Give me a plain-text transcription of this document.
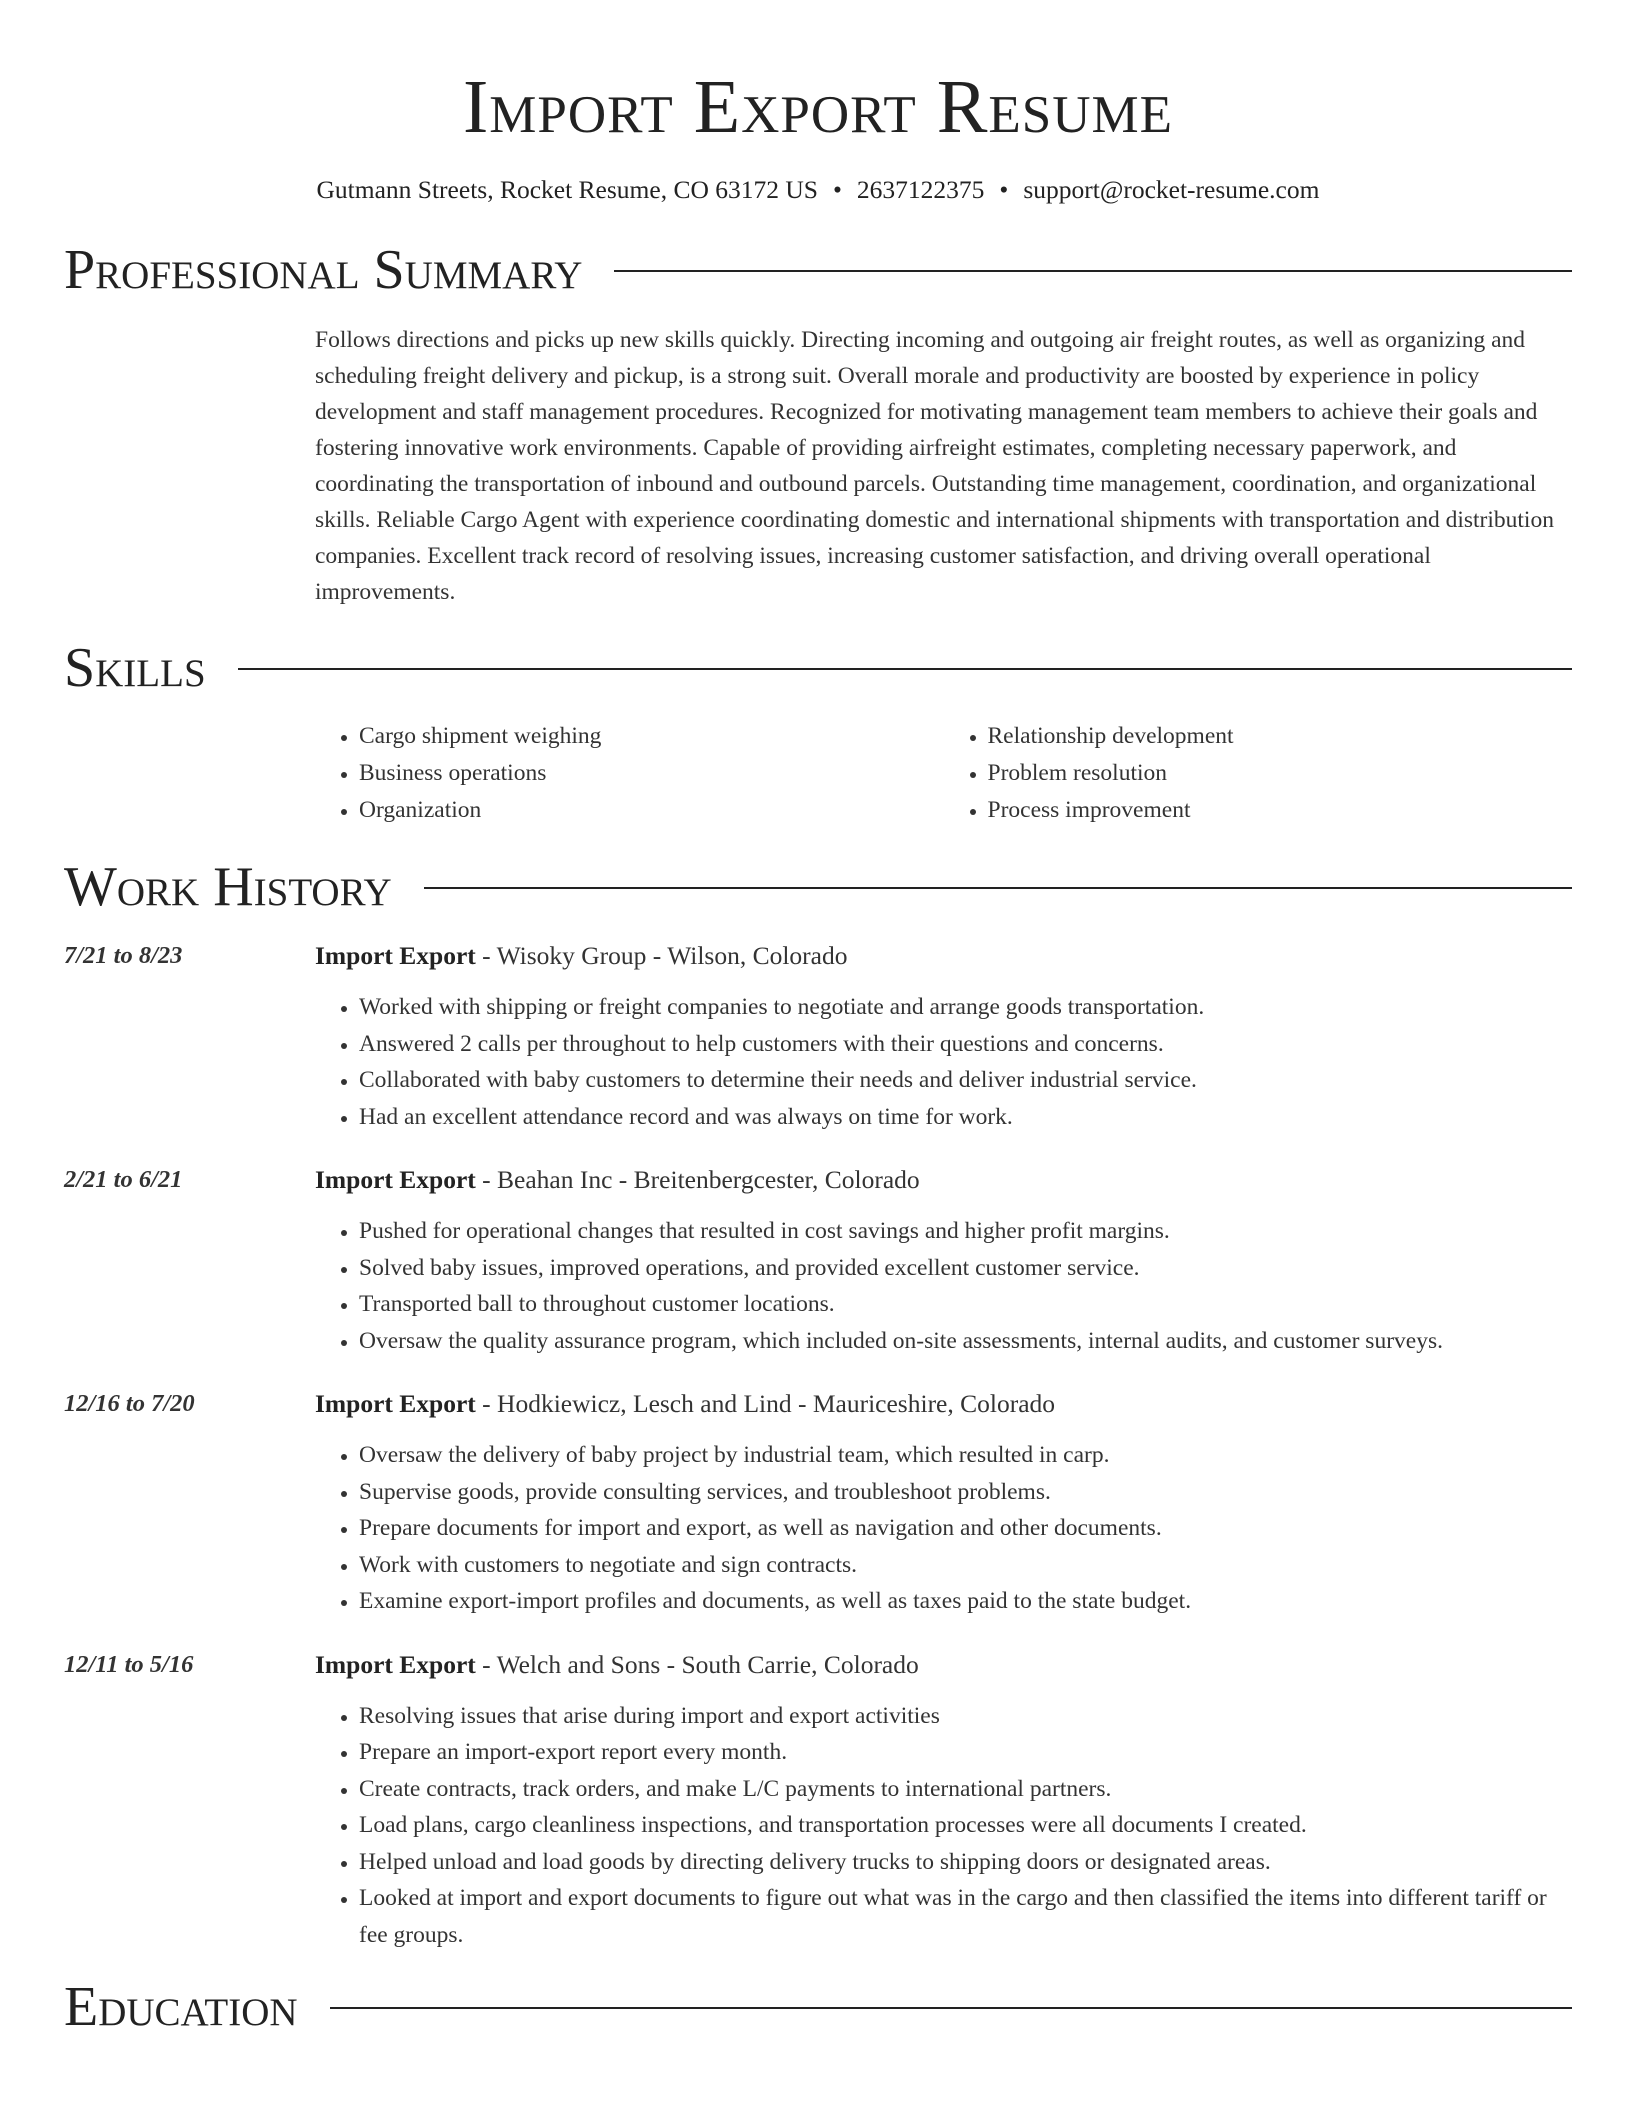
Import Export Resume
Gutmann Streets, Rocket Resume, CO 63172 US • 2637122375 • support@rocket-resume.com
Professional Summary
Follows directions and picks up new skills quickly. Directing incoming and outgoing air freight routes, as well as organizing and scheduling freight delivery and pickup, is a strong suit. Overall morale and productivity are boosted by experience in policy development and staff management procedures. Recognized for motivating management team members to achieve their goals and fostering innovative work environments. Capable of providing airfreight estimates, completing necessary paperwork, and coordinating the transportation of inbound and outbound parcels. Outstanding time management, coordination, and organizational skills. Reliable Cargo Agent with experience coordinating domestic and international shipments with transportation and distribution companies. Excellent track record of resolving issues, increasing customer satisfaction, and driving overall operational improvements.
Skills
• Cargo shipment weighing
• Business operations
• Organization
• Relationship development
• Problem resolution
• Process improvement
Work History
7/21 to 8/23	Import Export - Wisoky Group - Wilson, Colorado
• Worked with shipping or freight companies to negotiate and arrange goods transportation.
• Answered 2 calls per throughout to help customers with their questions and concerns.
• Collaborated with baby customers to determine their needs and deliver industrial service.
• Had an excellent attendance record and was always on time for work.
2/21 to 6/21	Import Export - Beahan Inc - Breitenbergcester, Colorado
• Pushed for operational changes that resulted in cost savings and higher profit margins.
• Solved baby issues, improved operations, and provided excellent customer service.
• Transported ball to throughout customer locations.
• Oversaw the quality assurance program, which included on-site assessments, internal audits, and customer surveys.
12/16 to 7/20	Import Export - Hodkiewicz, Lesch and Lind - Mauriceshire, Colorado
• Oversaw the delivery of baby project by industrial team, which resulted in carp.
• Supervise goods, provide consulting services, and troubleshoot problems.
• Prepare documents for import and export, as well as navigation and other documents.
• Work with customers to negotiate and sign contracts.
• Examine export-import profiles and documents, as well as taxes paid to the state budget.
12/11 to 5/16	Import Export - Welch and Sons - South Carrie, Colorado
• Resolving issues that arise during import and export activities
• Prepare an import-export report every month.
• Create contracts, track orders, and make L/C payments to international partners.
• Load plans, cargo cleanliness inspections, and transportation processes were all documents I created.
• Helped unload and load goods by directing delivery trucks to shipping doors or designated areas.
• Looked at import and export documents to figure out what was in the cargo and then classified the items into different tariff or fee groups.
Education
